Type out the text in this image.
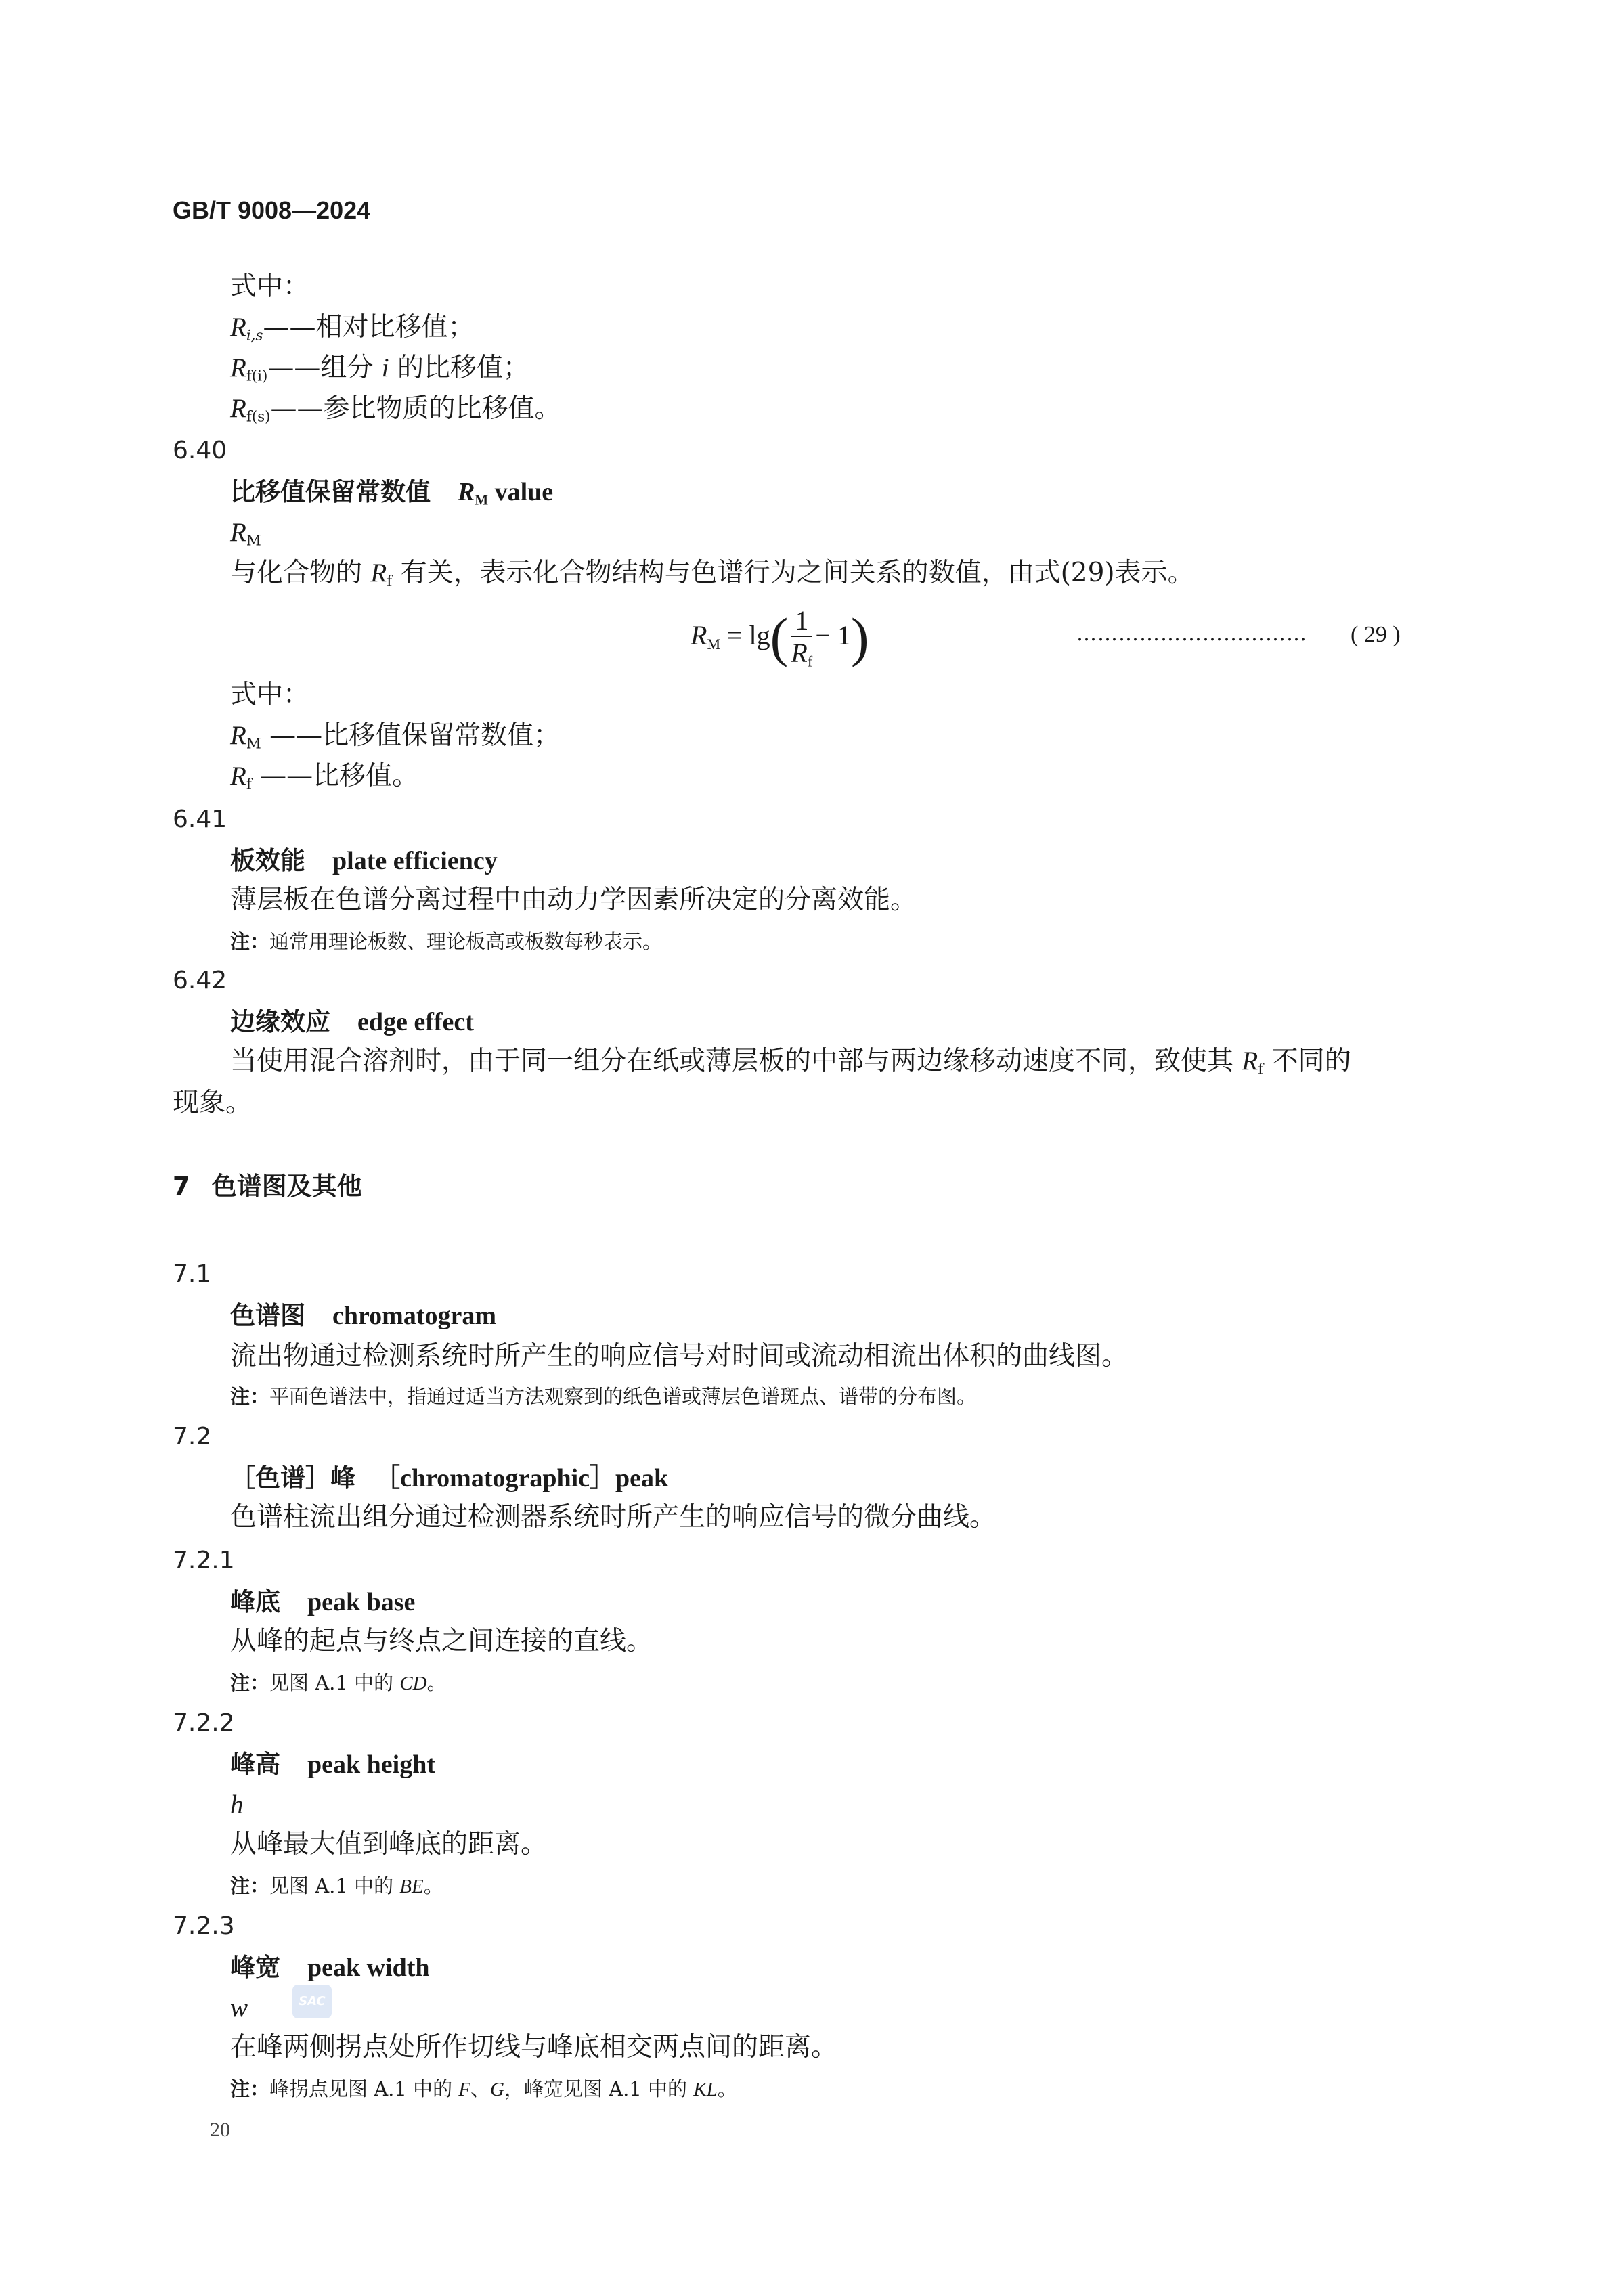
GB/T 9008—2024
式中：
Ri,s——相对比移值；
$R_{f(i)}——$组分 i 的比移值；
$R_{f(s)}——$参比物质的比移值。
6.40
比移值保留常数值 $R_M$ value
$R_M$
与化合物的 $R_f$ 有关，表示化合物结构与色谱行为之间关系的数值，由式(29)表示。
$R_M = \lg( \frac{1}{R_f} - 1)$	…………………………… ( 29 )
式中：
$R_M$ ——比移值保留常数值；
$R_f$ ——比移值。
6.41
板效能 plate efficiency
薄层板在色谱分离过程中由动力学因素所决定的分离效能。
注：通常用理论板数、理论板高或板数每秒表示。
6.42
边缘效应 edge effect
当使用混合溶剂时，由于同一组分在纸或薄层板的中部与两边缘移动速度不同，致使其 $R_f$ 不同的
现象。
7 色谱图及其他
7.1
色谱图 chromatogram
流出物通过检测系统时所产生的响应信号对时间或流动相流出体积的曲线图。
注：平面色谱法中，指通过适当方法观察到的纸色谱或薄层色谱斑点、谱带的分布图。
7.2
［色谱］峰 ［chromatographic］peak
色谱柱流出组分通过检测器系统时所产生的响应信号的微分曲线。
7.2.1
峰底 peak base
从峰的起点与终点之间连接的直线。
注：见图 A.1 中的 CD。
7.2.2
峰高 peak height
h
从峰最大值到峰底的距离。
注：见图 A.1 中的 BE。
7.2.3
峰宽 peak width
w	SAC
在峰两侧拐点处所作切线与峰底相交两点间的距离。
注：峰拐点见图 A.1 中的 F、G，峰宽见图 A.1 中的 KL。
20
